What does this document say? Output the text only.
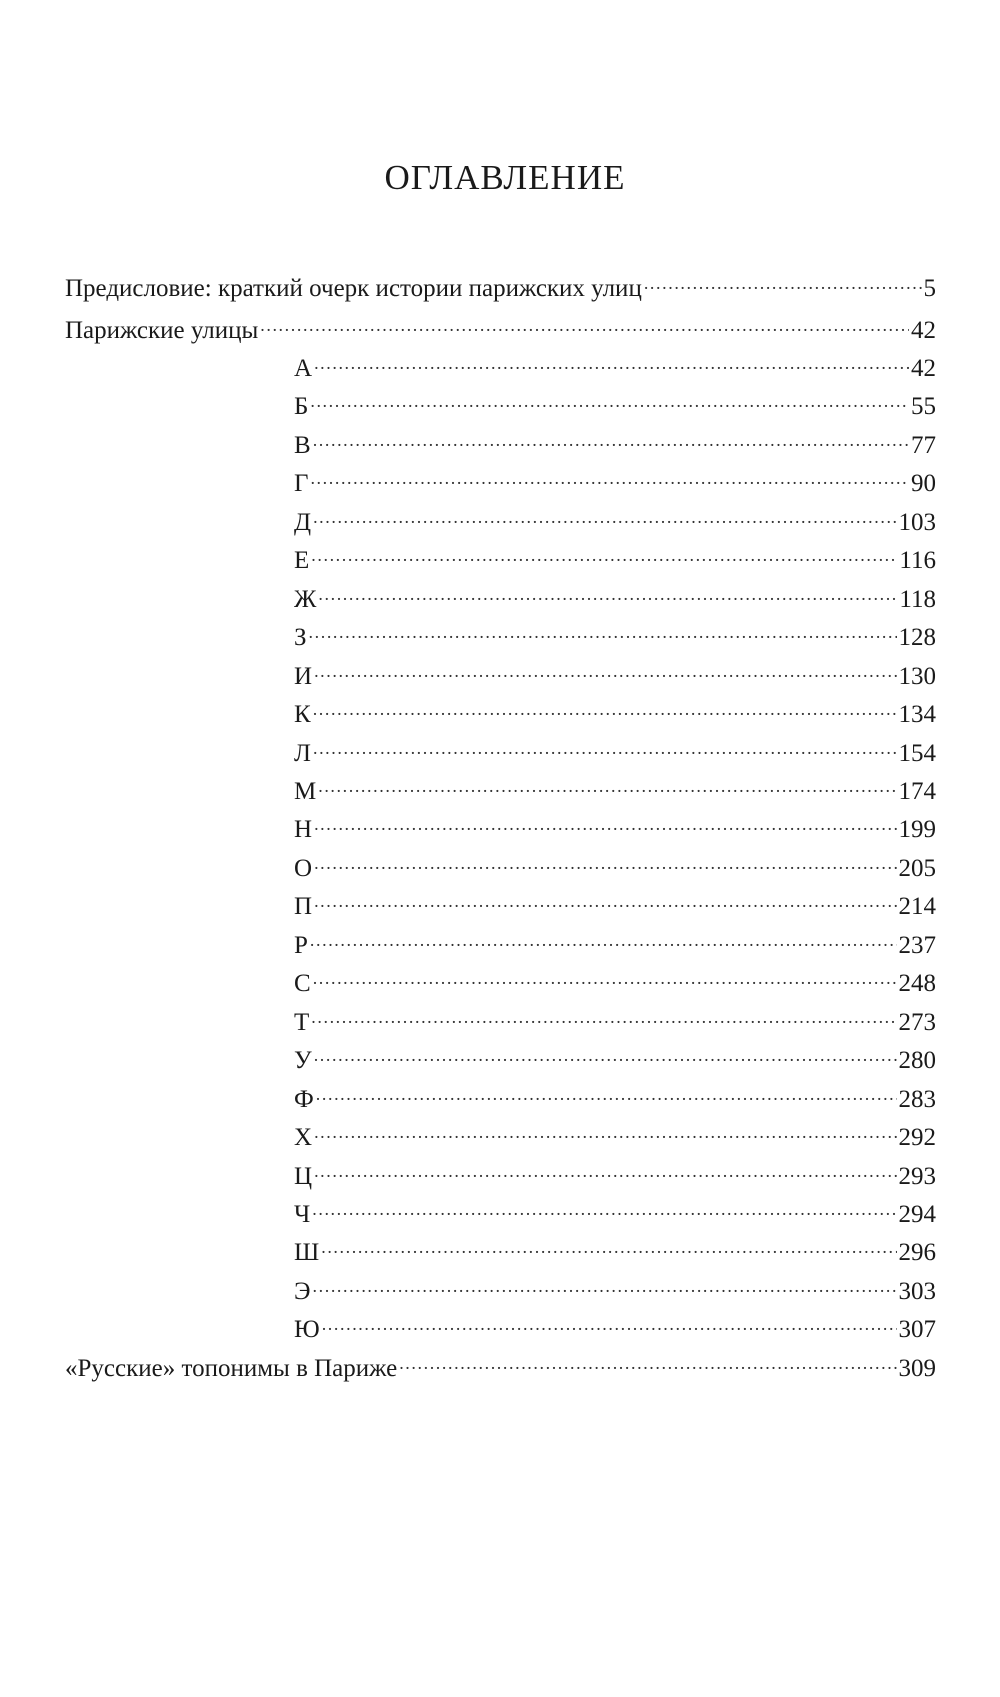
ОГЛАВЛЕНИЕ
Предисловие: краткий очерк истории парижских улиц .....	5
Парижские улицы .....	42
А .....	42
Б .....	55
В .....	77
Г .....	90
Д .....	103
Е .....	116
Ж .....	118
З .....	128
И .....	130
К .....	134
Л .....	154
М .....	174
Н .....	199
О .....	205
П .....	214
Р .....	237
С .....	248
Т .....	273
У .....	280
Ф .....	283
Х .....	292
Ц .....	293
Ч .....	294
Ш .....	296
Э .....	303
Ю .....	307
«Русские» топонимы в Париже .....	309
